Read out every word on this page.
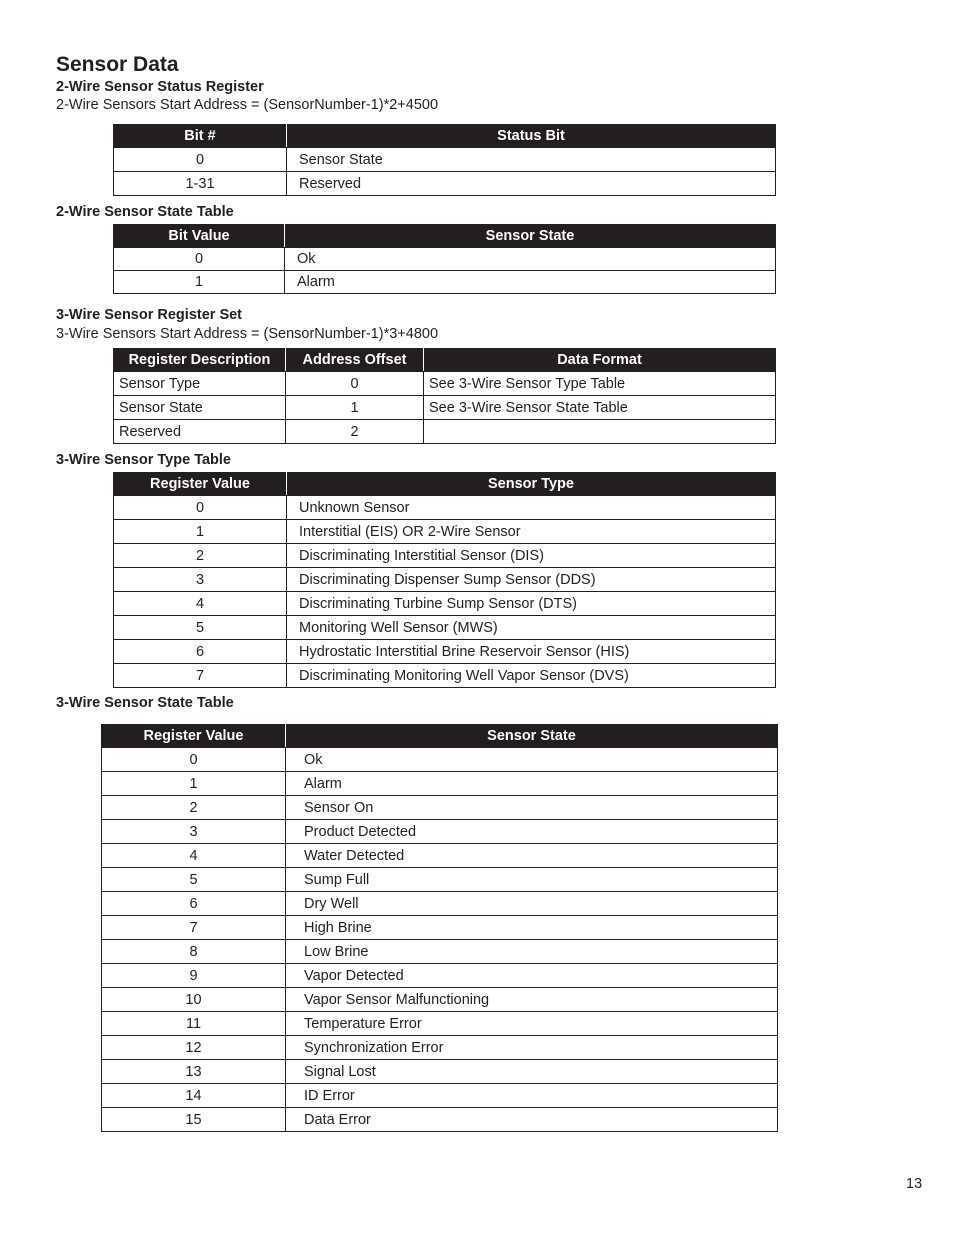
Sensor Data
2-Wire Sensor Status Register
2-Wire Sensors Start Address = (SensorNumber-1)*2+4500
Bit #	Status Bit
0	Sensor State
1-31	Reserved
2-Wire Sensor State Table
Bit Value	Sensor State
0	Ok
1	Alarm
3-Wire Sensor Register Set
3-Wire Sensors Start Address = (SensorNumber-1)*3+4800
Register Description	Address Offset	Data Format
Sensor Type	0	See 3-Wire Sensor Type Table
Sensor State	1	See 3-Wire Sensor State Table
Reserved	2	
3-Wire Sensor Type Table
Register Value	Sensor Type
0	Unknown Sensor
1	Interstitial (EIS) OR 2-Wire Sensor
2	Discriminating Interstitial Sensor (DIS)
3	Discriminating Dispenser Sump Sensor (DDS)
4	Discriminating Turbine Sump Sensor (DTS)
5	Monitoring Well Sensor (MWS)
6	Hydrostatic Interstitial Brine Reservoir Sensor (HIS)
7	Discriminating Monitoring Well Vapor Sensor (DVS)
3-Wire Sensor State Table
Register Value	Sensor State
0	Ok
1	Alarm
2	Sensor On
3	Product Detected
4	Water Detected
5	Sump Full
6	Dry Well
7	High Brine
8	Low Brine
9	Vapor Detected
10	Vapor Sensor Malfunctioning
11	Temperature Error
12	Synchronization Error
13	Signal Lost
14	ID Error
15	Data Error
13
